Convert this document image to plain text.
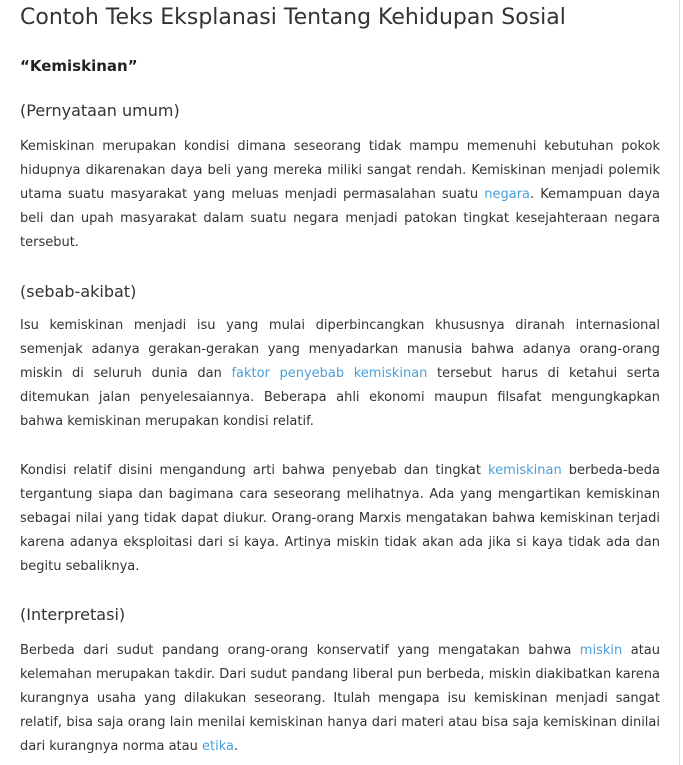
Contoh Teks Eksplanasi Tentang Kehidupan Sosial

“Kemiskinan”

(Pernyataan umum)

Kemiskinan merupakan kondisi dimana seseorang tidak mampu memenuhi kebutuhan pokok hidupnya dikarenakan daya beli yang mereka miliki sangat rendah. Kemiskinan menjadi polemik utama suatu masyarakat yang meluas menjadi permasalahan suatu negara. Kemampuan daya beli dan upah masyarakat dalam suatu negara menjadi patokan tingkat kesejahteraan negara tersebut.

(sebab-akibat)

Isu kemiskinan menjadi isu yang mulai diperbincangkan khususnya diranah internasional semenjak adanya gerakan-gerakan yang menyadarkan manusia bahwa adanya orang-orang miskin di seluruh dunia dan faktor penyebab kemiskinan tersebut harus di ketahui serta ditemukan jalan penyelesaiannya. Beberapa ahli ekonomi maupun filsafat mengungkapkan bahwa kemiskinan merupakan kondisi relatif.

Kondisi relatif disini mengandung arti bahwa penyebab dan tingkat kemiskinan berbeda-beda tergantung siapa dan bagimana cara seseorang melihatnya. Ada yang mengartikan kemiskinan sebagai nilai yang tidak dapat diukur. Orang-orang Marxis mengatakan bahwa kemiskinan terjadi karena adanya eksploitasi dari si kaya. Artinya miskin tidak akan ada jika si kaya tidak ada dan begitu sebaliknya.

(Interpretasi)

Berbeda dari sudut pandang orang-orang konservatif yang mengatakan bahwa miskin atau kelemahan merupakan takdir. Dari sudut pandang liberal pun berbeda, miskin diakibatkan karena kurangnya usaha yang dilakukan seseorang. Itulah mengapa isu kemiskinan menjadi sangat relatif, bisa saja orang lain menilai kemiskinan hanya dari materi atau bisa saja kemiskinan dinilai dari kurangnya norma atau etika.
